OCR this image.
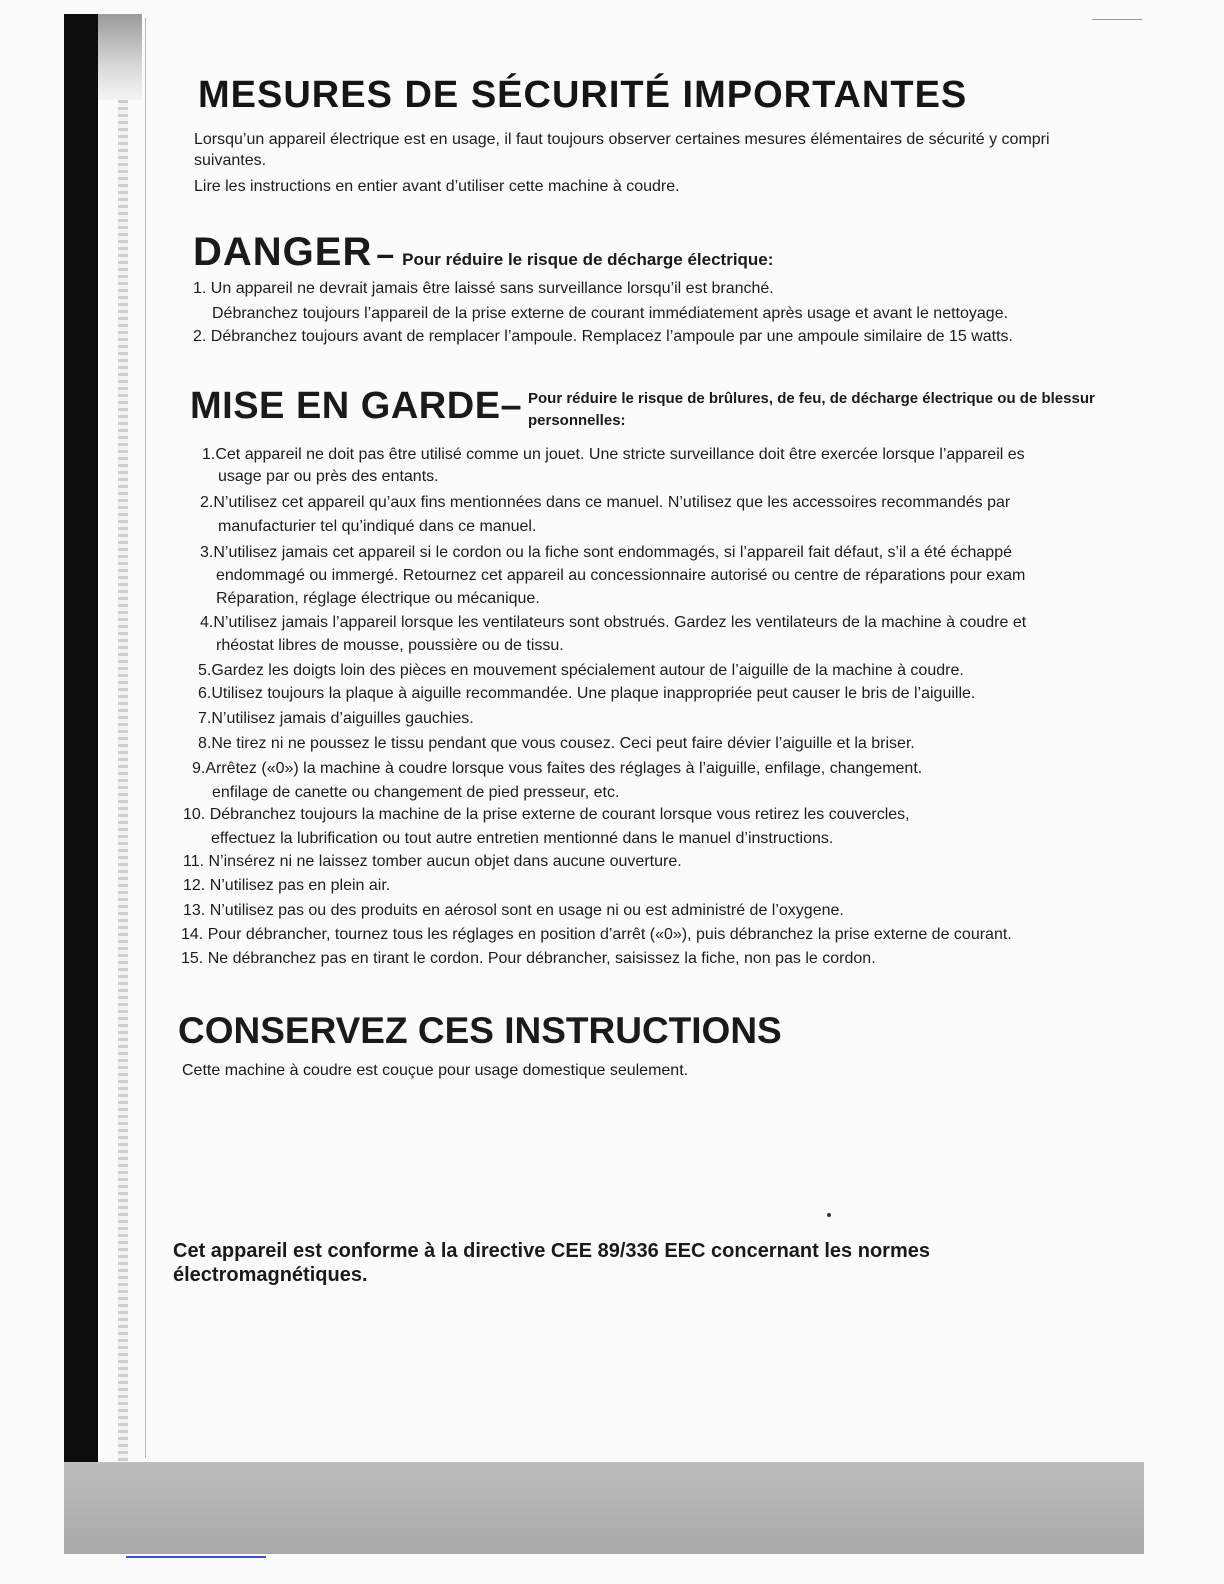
MESURES DE SÉCURITÉ IMPORTANTES
Lorsqu’un appareil électrique est en usage, il faut toujours observer certaines mesures élémentaires de sécurité y compri
suivantes.
Lire les instructions en entier avant d’utiliser cette machine à coudre.
DANGER – Pour réduire le risque de décharge électrique:
1. Un appareil ne devrait jamais être laissé sans surveillance lorsqu’il est branché.
Débranchez toujours l’appareil de la prise externe de courant immédiatement après usage et avant le nettoyage.
2. Débranchez toujours avant de remplacer l’ampoule. Remplacez l’ampoule par une ampoule similaire de 15 watts.
MISE EN GARDE– Pour réduire le risque de brûlures, de feu, de décharge électrique ou de blessur
personnelles:
1.Cet appareil ne doit pas être utilisé comme un jouet. Une stricte surveillance doit être exercée lorsque l’appareil es
usage par ou près des entants.
2.N’utilisez cet appareil qu’aux fins mentionnées dans ce manuel. N’utilisez que les accessoires recommandés par
manufacturier tel qu’indiqué dans ce manuel.
3.N’utilisez jamais cet appareil si le cordon ou la fiche sont endommagés, si l’appareil fait défaut, s’il a été échappé
endommagé ou immergé. Retournez cet appareil au concessionnaire autorisé ou centre de réparations pour exam
Réparation, réglage électrique ou mécanique.
4.N’utilisez jamais l’appareil lorsque les ventilateurs sont obstrués. Gardez les ventilateurs de la machine à coudre et
rhéostat libres de mousse, poussière ou de tissu.
5.Gardez les doigts loin des pièces en mouvement spécialement autour de l’aiguille de la machine à coudre.
6.Utilisez toujours la plaque à aiguille recommandée. Une plaque inappropriée peut causer le bris de l’aiguille.
7.N’utilisez jamais d’aiguilles gauchies.
8.Ne tirez ni ne poussez le tissu pendant que vous cousez. Ceci peut faire dévier l’aiguille et la briser.
9.Arrêtez («0») la machine à coudre lorsque vous faites des réglages à l’aiguille, enfilage, changement.
enfilage de canette ou changement de pied presseur, etc.
10. Débranchez toujours la machine de la prise externe de courant lorsque vous retirez les couvercles,
effectuez la lubrification ou tout autre entretien mentionné dans le manuel d’instructions.
11. N’insérez ni ne laissez tomber aucun objet dans aucune ouverture.
12. N’utilisez pas en plein air.
13. N’utilisez pas ou des produits en aérosol sont en usage ni ou est administré de l’oxygene.
14. Pour débrancher, tournez tous les réglages en position d’arrêt («0»), puis débranchez la prise externe de courant.
15. Ne débranchez pas en tirant le cordon. Pour débrancher, saisissez la fiche, non pas le cordon.
CONSERVEZ CES INSTRUCTIONS
Cette machine à coudre est couçue pour usage domestique seulement.
Cet appareil est conforme à la directive CEE 89/336 EEC concernant les normes
électromagnétiques.
